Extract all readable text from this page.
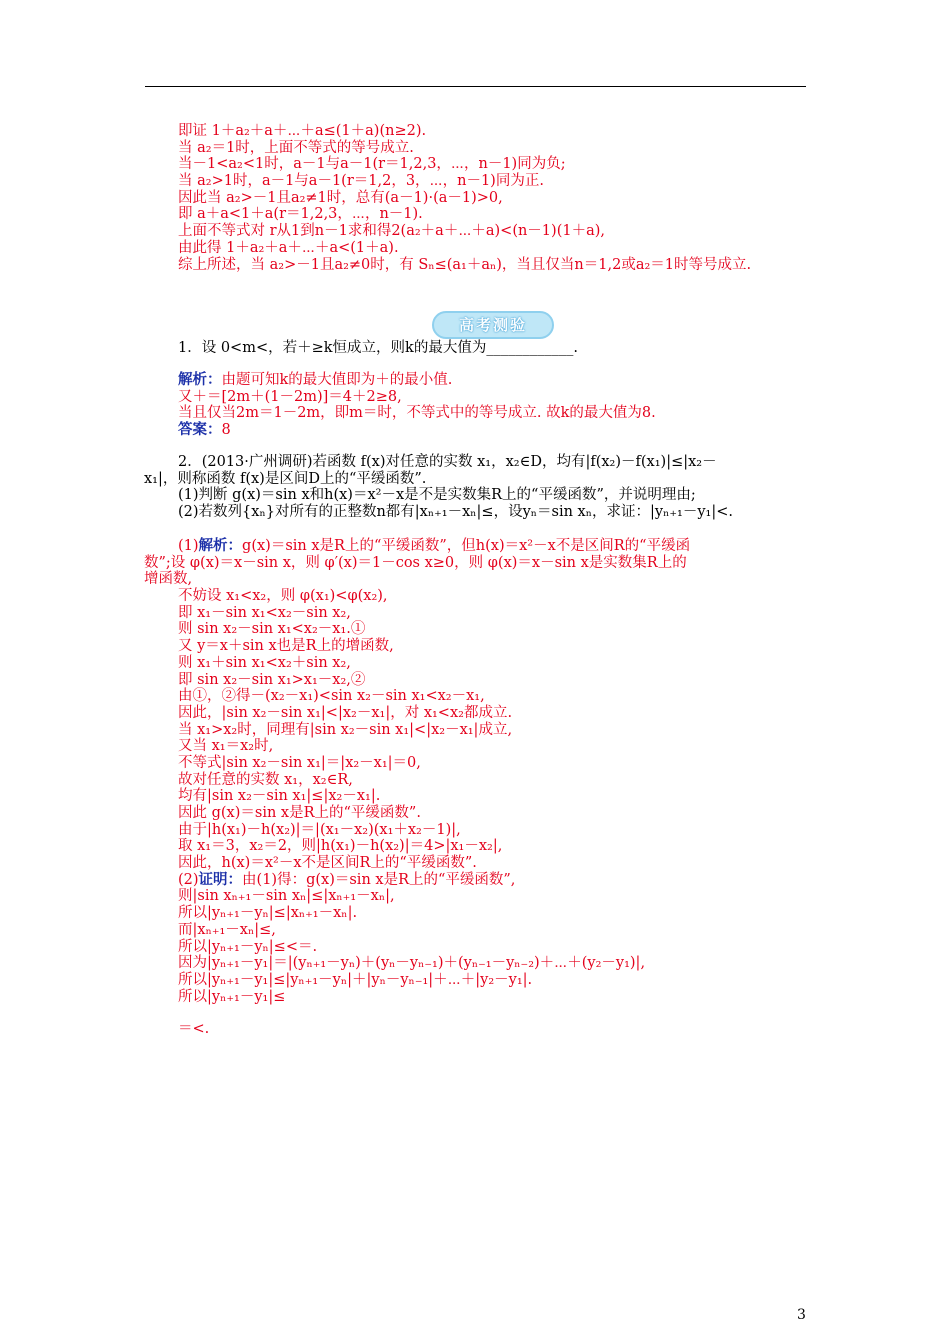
即证 1＋a₂＋a＋⋯＋a≤(1＋a)(n≥2).
当 a₂＝1时，上面不等式的等号成立.
当－1<a₂<1时，a－1与a－1(r＝1,2,3，⋯，n－1)同为负;
当 a₂>1时，a－1与a－1(r＝1,2，3，⋯，n－1)同为正.
因此当 a₂>－1且a₂≠1时，总有(a－1)·(a－1)>0,
即 a＋a<1＋a(r＝1,2,3，⋯，n－1).
上面不等式对 r从1到n－1求和得2(a₂＋a＋⋯＋a)<(n－1)(1＋a),
由此得 1＋a₂＋a＋⋯＋a<(1＋a).
综上所述，当 a₂>－1且a₂≠0时，有 Sₙ≤(a₁＋aₙ)，当且仅当n＝1,2或a₂＝1时等号成立.
高考测验
1．设 0<m<，若＋≥k恒成立，则k的最大值为____________.
解析：由题可知k的最大值即为＋的最小值.
又＋＝[2m＋(1－2m)]＝4＋2≥8,
当且仅当2m＝1－2m，即m＝时，不等式中的等号成立. 故k的最大值为8.
答案：8
2．(2013·广州调研)若函数 f(x)对任意的实数 x₁，x₂∈D，均有|f(x₂)－f(x₁)|≤|x₂－
x₁|，则称函数 f(x)是区间D上的“平缓函数”.
(1)判断 g(x)＝sin x和h(x)＝x²－x是不是实数集R上的“平缓函数”，并说明理由;
(2)若数列{xₙ}对所有的正整数n都有|xₙ₊₁－xₙ|≤，设yₙ＝sin xₙ，求证：|yₙ₊₁－y₁|<.
(1)解析：g(x)＝sin x是R上的“平缓函数”，但h(x)＝x²－x不是区间R的“平缓函
数”;设 φ(x)＝x－sin x，则 φ′(x)＝1－cos x≥0，则 φ(x)＝x－sin x是实数集R上的
增函数,
不妨设 x₁<x₂，则 φ(x₁)<φ(x₂),
即 x₁－sin x₁<x₂－sin x₂,
则 sin x₂－sin x₁<x₂－x₁.①
又 y＝x＋sin x也是R上的增函数,
则 x₁＋sin x₁<x₂＋sin x₂,
即 sin x₂－sin x₁>x₁－x₂,②
由①，②得－(x₂－x₁)<sin x₂－sin x₁<x₂－x₁,
因此，|sin x₂－sin x₁|<|x₂－x₁|，对 x₁<x₂都成立.
当 x₁>x₂时，同理有|sin x₂－sin x₁|<|x₂－x₁|成立,
又当 x₁＝x₂时,
不等式|sin x₂－sin x₁|＝|x₂－x₁|＝0,
故对任意的实数 x₁，x₂∈R,
均有|sin x₂－sin x₁|≤|x₂－x₁|.
因此 g(x)＝sin x是R上的“平缓函数”.
由于|h(x₁)－h(x₂)|＝|(x₁－x₂)(x₁＋x₂－1)|,
取 x₁＝3，x₂＝2，则|h(x₁)－h(x₂)|＝4>|x₁－x₂|,
因此，h(x)＝x²－x不是区间R上的“平缓函数”.
(2)证明：由(1)得：g(x)＝sin x是R上的“平缓函数”,
则|sin xₙ₊₁－sin xₙ|≤|xₙ₊₁－xₙ|,
所以|yₙ₊₁－yₙ|≤|xₙ₊₁－xₙ|.
而|xₙ₊₁－xₙ|≤,
所以|yₙ₊₁－yₙ|≤<＝.
因为|yₙ₊₁－y₁|＝|(yₙ₊₁－yₙ)＋(yₙ－yₙ₋₁)＋(yₙ₋₁－yₙ₋₂)＋⋯＋(y₂－y₁)|,
所以|yₙ₊₁－y₁|≤|yₙ₊₁－yₙ|＋|yₙ－yₙ₋₁|＋⋯＋|y₂－y₁|.
所以|yₙ₊₁－y₁|≤
＝<.
3
